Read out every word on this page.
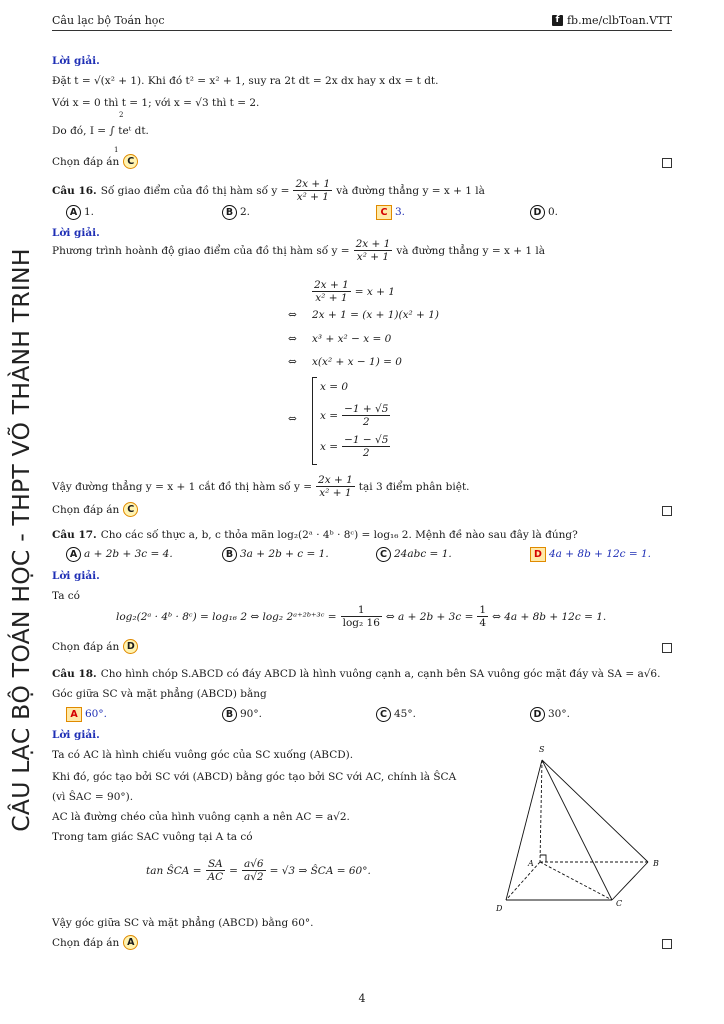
Câu lạc bộ Toán học	f fb.me/clbToan.VTT
CÂU LẠC BỘ TOÁN HỌC - THPT VÕ THÀNH TRINH
Lời giải.
Đặt t = √(x² + 1). Khi đó t² = x² + 1, suy ra 2t dt = 2x dx hay x dx = t dt.
Với x = 0 thì t = 1; với x = √3 thì t = 2.
Do đó, I = ∫ teᵗ dt.
2
1
Chọn đáp án C
Câu 16. Số giao điểm của đồ thị hàm số $y = \frac{2x + 1}{\text{x² + 1}}$ và đường thẳng y = x + 1 là
A 1.	B 2.	C 3.	D 0.
Lời giải.
Phương trình hoành độ giao điểm của đồ thị hàm số $y = \frac{2x + 1}{\text{x² + 1}}$ và đường thẳng y = x + 1 là
$\frac{2x + 1}{\text{x² + 1}} = x + 1$
⇔ 2x + 1 = (x + 1)(x² + 1)
⇔ x³ + x² − x = 0
⇔ x(x² + x − 1) = 0
⇔
x = 0
$x = \frac{-1 + √5}{2}$
$x = \frac{-1 - √5}{2}$
Vậy đường thẳng y = x + 1 cắt đồ thị hàm số $y = \frac{2x + 1}{\text{x² + 1}}$ tại 3 điểm phân biệt.
Chọn đáp án C
Câu 17. Cho các số thực a, b, c thỏa mãn log₂(2ᵃ · 4ᵇ · 8ᶜ) = log₁₆ 2. Mệnh đề nào sau đây là đúng?
A a + 2b + 3c = 4.	B 3a + 2b + c = 1.	C 24abc = 1.	D 4a + 8b + 12c = 1.
Lời giải.
Ta có
log₂(2ᵃ · 4ᵇ · 8ᶜ) = log₁₆ 2 ⇔ log₂ 2ᵃ⁺²ᵇ⁺³ᶜ = $\frac{1}{\text{log₂ 16}}$ ⇔ $a + 2b + 3c = \frac{1}{4}$ ⇔ 4a + 8b + 12c = 1.
Chọn đáp án D
Câu 18. Cho hình chóp S.ABCD có đáy ABCD là hình vuông cạnh a, cạnh bên SA vuông góc mặt đáy và SA = a√6.
Góc giữa SC và mặt phẳng (ABCD) bằng
A 60°.	B 90°.	C 45°.	D 30°.
Lời giải.
Ta có AC là hình chiếu vuông góc của SC xuống (ABCD).
Khi đó, góc tạo bởi SC với (ABCD) bằng góc tạo bởi SC với AC, chính là ŜCA
(vì ŜAC = 90°).
AC là đường chéo của hình vuông cạnh a nên AC = a√2.
Trong tam giác SAC vuông tại A ta có
tan ŜCA = $\frac{SA}{AC} = \frac{a√6}{a√2} = √3$ ⇒ ŜCA = 60°.
Vậy góc giữa SC và mặt phẳng (ABCD) bằng 60°.
Chọn đáp án A
S
A	B
C
D
4
